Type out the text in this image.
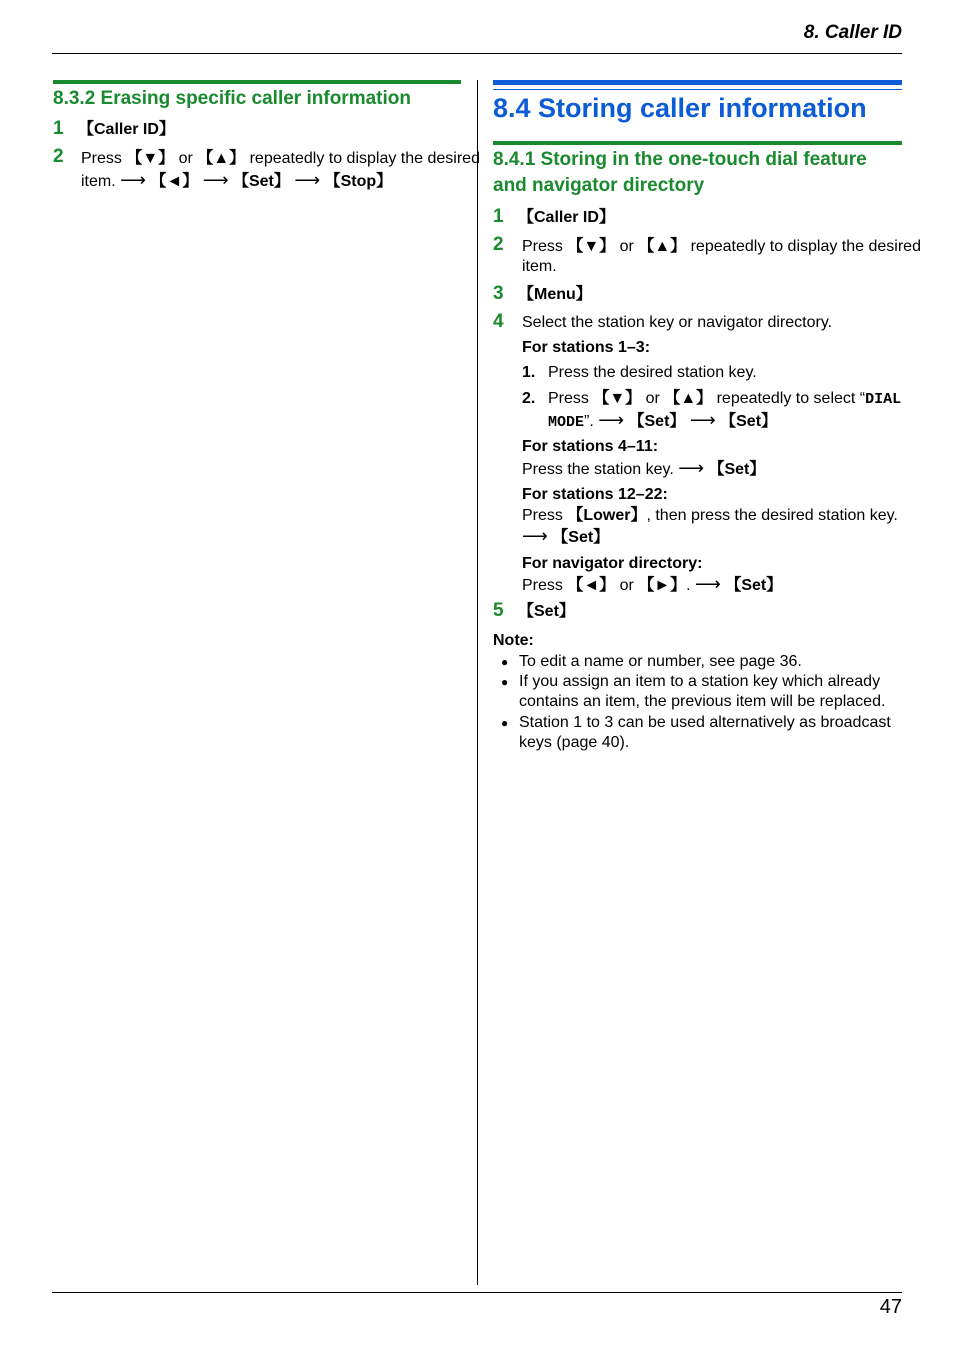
8. Caller ID
8.3.2 Erasing specific caller information
1 【Caller ID】
2 Press 【▼】 or 【▲】 repeatedly to display the desired
item. ⟶ 【◄】 ⟶ 【Set】 ⟶ 【Stop】
8.4 Storing caller information
8.4.1 Storing in the one-touch dial feature
and navigator directory
1 【Caller ID】
2 Press 【▼】 or 【▲】 repeatedly to display the desired
item.
3 【Menu】
4 Select the station key or navigator directory.
For stations 1–3:
1. Press the desired station key.
2. Press 【▼】 or 【▲】 repeatedly to select “DIAL
MODE”. ⟶ 【Set】 ⟶ 【Set】
For stations 4–11:
Press the station key. ⟶ 【Set】
For stations 12–22:
Press 【Lower】, then press the desired station key.
⟶ 【Set】
For navigator directory:
Press 【◄】 or 【►】. ⟶ 【Set】
5 【Set】
Note:
● To edit a name or number, see page 36.
● If you assign an item to a station key which already
contains an item, the previous item will be replaced.
● Station 1 to 3 can be used alternatively as broadcast
keys (page 40).
47
